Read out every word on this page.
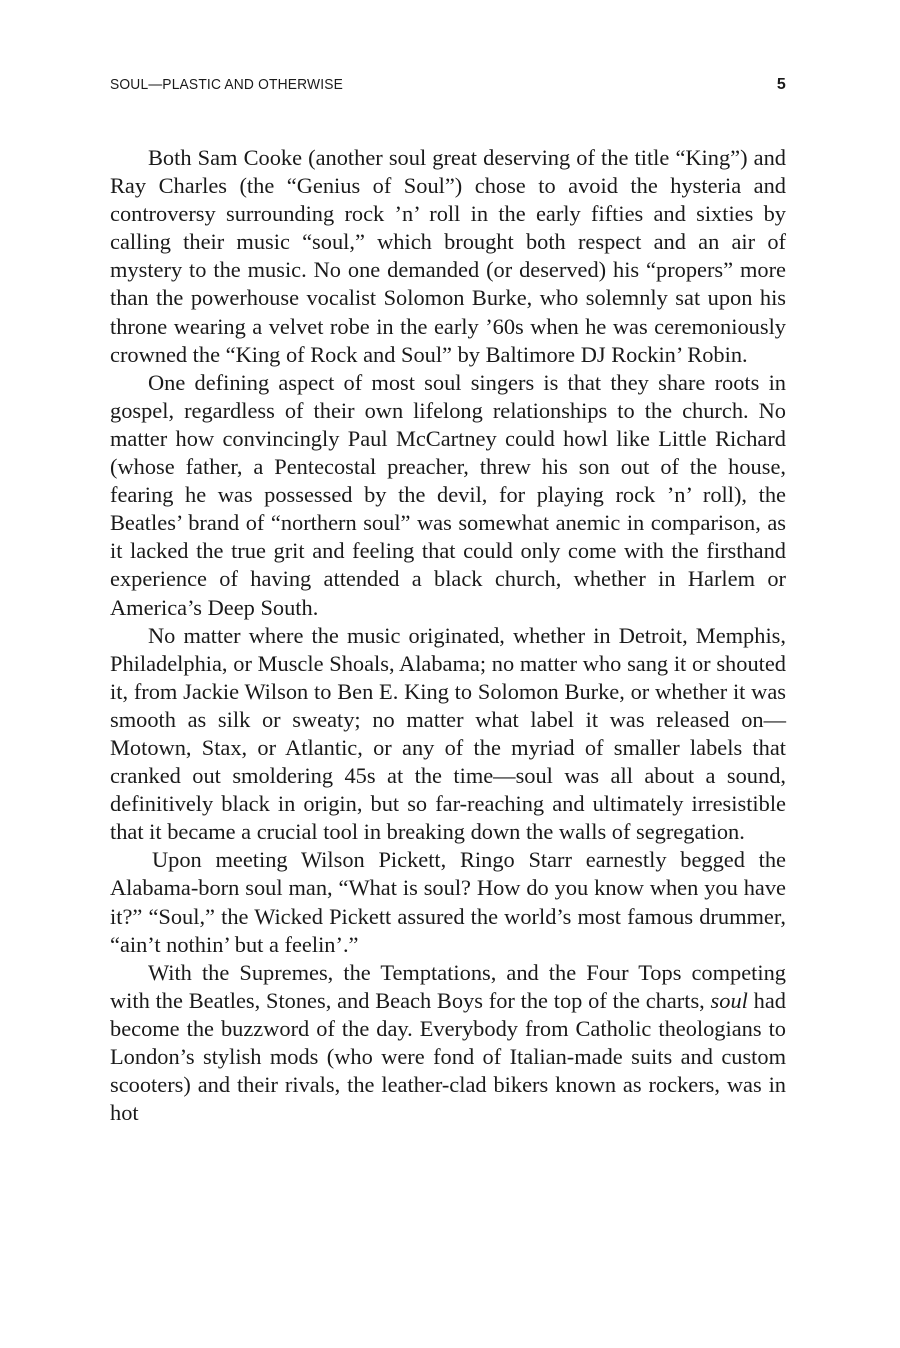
SOUL—PLASTIC AND OTHERWISE	5

Both Sam Cooke (another soul great deserving of the title “King”) and Ray Charles (the “Genius of Soul”) chose to avoid the hysteria and controversy surrounding rock ’n’ roll in the early fifties and sixties by calling their music “soul,” which brought both respect and an air of mystery to the music. No one demanded (or deserved) his “propers” more than the powerhouse vocalist Solomon Burke, who solemnly sat upon his throne wearing a velvet robe in the early ’60s when he was ceremoniously crowned the “King of Rock and Soul” by Baltimore DJ Rockin’ Robin.

One defining aspect of most soul singers is that they share roots in gospel, regardless of their own lifelong relationships to the church. No matter how convincingly Paul McCartney could howl like Little Richard (whose father, a Pentecostal preacher, threw his son out of the house, fearing he was possessed by the devil, for playing rock ’n’ roll), the Beatles’ brand of “northern soul” was somewhat anemic in comparison, as it lacked the true grit and feeling that could only come with the firsthand experience of having attended a black church, whether in Harlem or America’s Deep South.

No matter where the music originated, whether in Detroit, Memphis, Philadelphia, or Muscle Shoals, Alabama; no matter who sang it or shouted it, from Jackie Wilson to Ben E. King to Solomon Burke, or whether it was smooth as silk or sweaty; no matter what label it was released on—Motown, Stax, or Atlantic, or any of the myriad of smaller labels that cranked out smoldering 45s at the time—soul was all about a sound, definitively black in origin, but so far-reaching and ultimately irresistible that it became a crucial tool in breaking down the walls of segregation.

Upon meeting Wilson Pickett, Ringo Starr earnestly begged the Alabama-born soul man, “What is soul? How do you know when you have it?” “Soul,” the Wicked Pickett assured the world’s most famous drummer, “ain’t nothin’ but a feelin’.”

With the Supremes, the Temptations, and the Four Tops competing with the Beatles, Stones, and Beach Boys for the top of the charts, soul had become the buzzword of the day. Everybody from Catholic theologians to London’s stylish mods (who were fond of Italian-made suits and custom scooters) and their rivals, the leather-clad bikers known as rockers, was in hot
